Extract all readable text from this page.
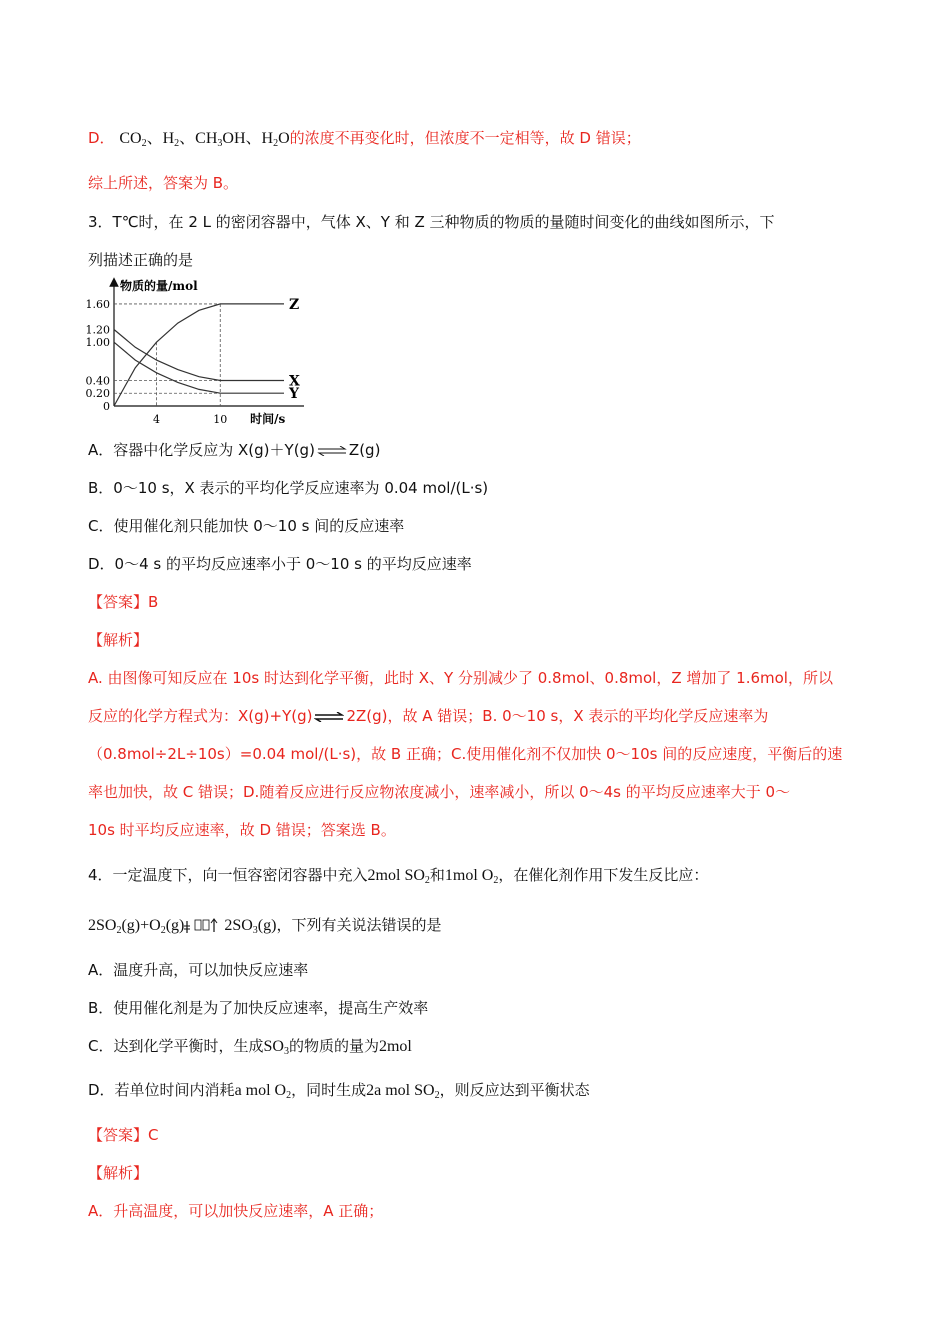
D． $CO_2$、$H_2$、$CH_3OH$、$H_2O$的浓度不再变化时，但浓度不一定相等，故 D 错误；
综上所述，答案为 B。
3．T℃时，在 2 L 的密闭容器中，气体 X、Y 和 Z 三种物质的物质的量随时间变化的曲线如图所示，下
列描述正确的是
物质的量/mol
时间/s
1.60
1.20
1.00
0.40
0.20
0
4	10
Z
X
Y
A．容器中化学反应为 X(g)＋Y(g) ⇌ Z(g)
B．0～10 s，X 表示的平均化学反应速率为 0.04 mol/(L·s)
C．使用催化剂只能加快 0～10 s 间的反应速率
D．0～4 s 的平均反应速率小于 0～10 s 的平均反应速率
【答案】B
【解析】
A. 由图像可知反应在 10s 时达到化学平衡，此时 X、Y 分别减少了 0.8mol、0.8mol，Z 增加了 1.6mol，所以
反应的化学方程式为：X(g)+Y(g) ⇌ 2Z(g)，故 A 错误；B. 0～10 s，X 表示的平均化学反应速率为
（0.8mol÷2L÷10s）=0.04 mol/(L·s)，故 B 正确；C.使用催化剂不仅加快 0～10s 间的反应速度，平衡后的速
率也加快，故 C 错误；D.随着反应进行反应物浓度减小，速率减小，所以 0～4s 的平均反应速率大于 0～
10s 时平均反应速率，故 D 错误；答案选 B。
4．一定温度下，向一恒容密闭容器中充入2mol $SO_2$和1mol $O_2$，在催化剂作用下发生反比应：
$2SO_2(g)+O_2(g)$	$2SO_3(g)$，下列有关说法错误的是
A．温度升高，可以加快反应速率
B．使用催化剂是为了加快反应速率，提高生产效率
C．达到化学平衡时，生成$SO_3$的物质的量为2mol
D．若单位时间内消耗a mol $O_2$，同时生成2a mol $SO_2$，则反应达到平衡状态
【答案】C
【解析】
A．升高温度，可以加快反应速率，A 正确；
